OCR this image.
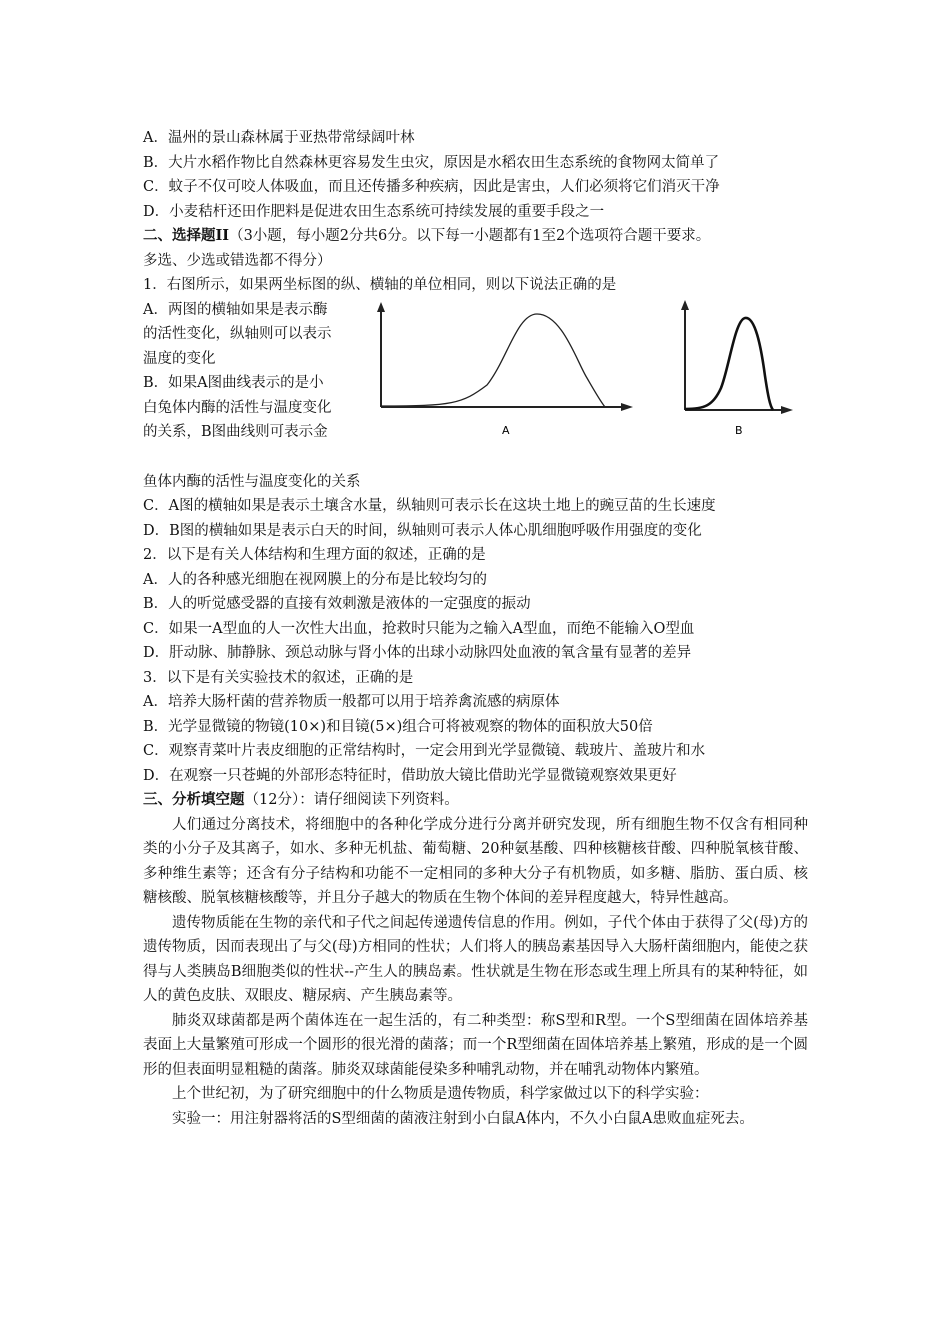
A．温州的景山森林属于亚热带常绿阔叶林
B．大片水稻作物比自然森林更容易发生虫灾，原因是水稻农田生态系统的食物网太简单了
C．蚊子不仅可咬人体吸血，而且还传播多种疾病，因此是害虫，人们必须将它们消灭干净
D．小麦秸杆还田作肥料是促进农田生态系统可持续发展的重要手段之一
二、选择题II（3小题，每小题2分共6分。以下每一小题都有1至2个选项符合题干要求。
多选、少选或错选都不得分）
1．右图所示，如果两坐标图的纵、横轴的单位相同，则以下说法正确的是
A．两图的横轴如果是表示酶
的活性变化，纵轴则可以表示
温度的变化
B．如果A图曲线表示的是小
白兔体内酶的活性与温度变化
的关系，B图曲线则可表示金	A	B
鱼体内酶的活性与温度变化的关系
C．A图的横轴如果是表示土壤含水量，纵轴则可表示长在这块土地上的豌豆苗的生长速度
D．B图的横轴如果是表示白天的时间，纵轴则可表示人体心肌细胞呼吸作用强度的变化
2．以下是有关人体结构和生理方面的叙述，正确的是
A．人的各种感光细胞在视网膜上的分布是比较均匀的
B．人的听觉感受器的直接有效刺激是液体的一定强度的振动
C．如果一A型血的人一次性大出血，抢救时只能为之输入A型血，而绝不能输入O型血
D．肝动脉、肺静脉、颈总动脉与肾小体的出球小动脉四处血液的氧含量有显著的差异
3．以下是有关实验技术的叙述，正确的是
A．培养大肠杆菌的营养物质一般都可以用于培养禽流感的病原体
B．光学显微镜的物镜(10×)和目镜(5×)组合可将被观察的物体的面积放大50倍
C．观察青菜叶片表皮细胞的正常结构时，一定会用到光学显微镜、载玻片、盖玻片和水
D．在观察一只苍蝇的外部形态特征时，借助放大镜比借助光学显微镜观察效果更好
三、分析填空题（12分）：请仔细阅读下列资料。
人们通过分离技术，将细胞中的各种化学成分进行分离并研究发现，所有细胞生物不仅含有相同种类的小分子及其离子，如水、多种无机盐、葡萄糖、20种氨基酸、四种核糖核苷酸、四种脱氧核苷酸、多种维生素等；还含有分子结构和功能不一定相同的多种大分子有机物质，如多糖、脂肪、蛋白质、核糖核酸、脱氧核糖核酸等，并且分子越大的物质在生物个体间的差异程度越大，特异性越高。
遗传物质能在生物的亲代和子代之间起传递遗传信息的作用。例如，子代个体由于获得了父(母)方的遗传物质，因而表现出了与父(母)方相同的性状；人们将人的胰岛素基因导入大肠杆菌细胞内，能使之获得与人类胰岛B细胞类似的性状--产生人的胰岛素。性状就是生物在形态或生理上所具有的某种特征，如人的黄色皮肤、双眼皮、糖尿病、产生胰岛素等。
肺炎双球菌都是两个菌体连在一起生活的，有二种类型：称S型和R型。一个S型细菌在固体培养基表面上大量繁殖可形成一个圆形的很光滑的菌落；而一个R型细菌在固体培养基上繁殖，形成的是一个圆形的但表面明显粗糙的菌落。肺炎双球菌能侵染多种哺乳动物，并在哺乳动物体内繁殖。
上个世纪初，为了研究细胞中的什么物质是遗传物质，科学家做过以下的科学实验：
实验一：用注射器将活的S型细菌的菌液注射到小白鼠A体内，不久小白鼠A患败血症死去。
